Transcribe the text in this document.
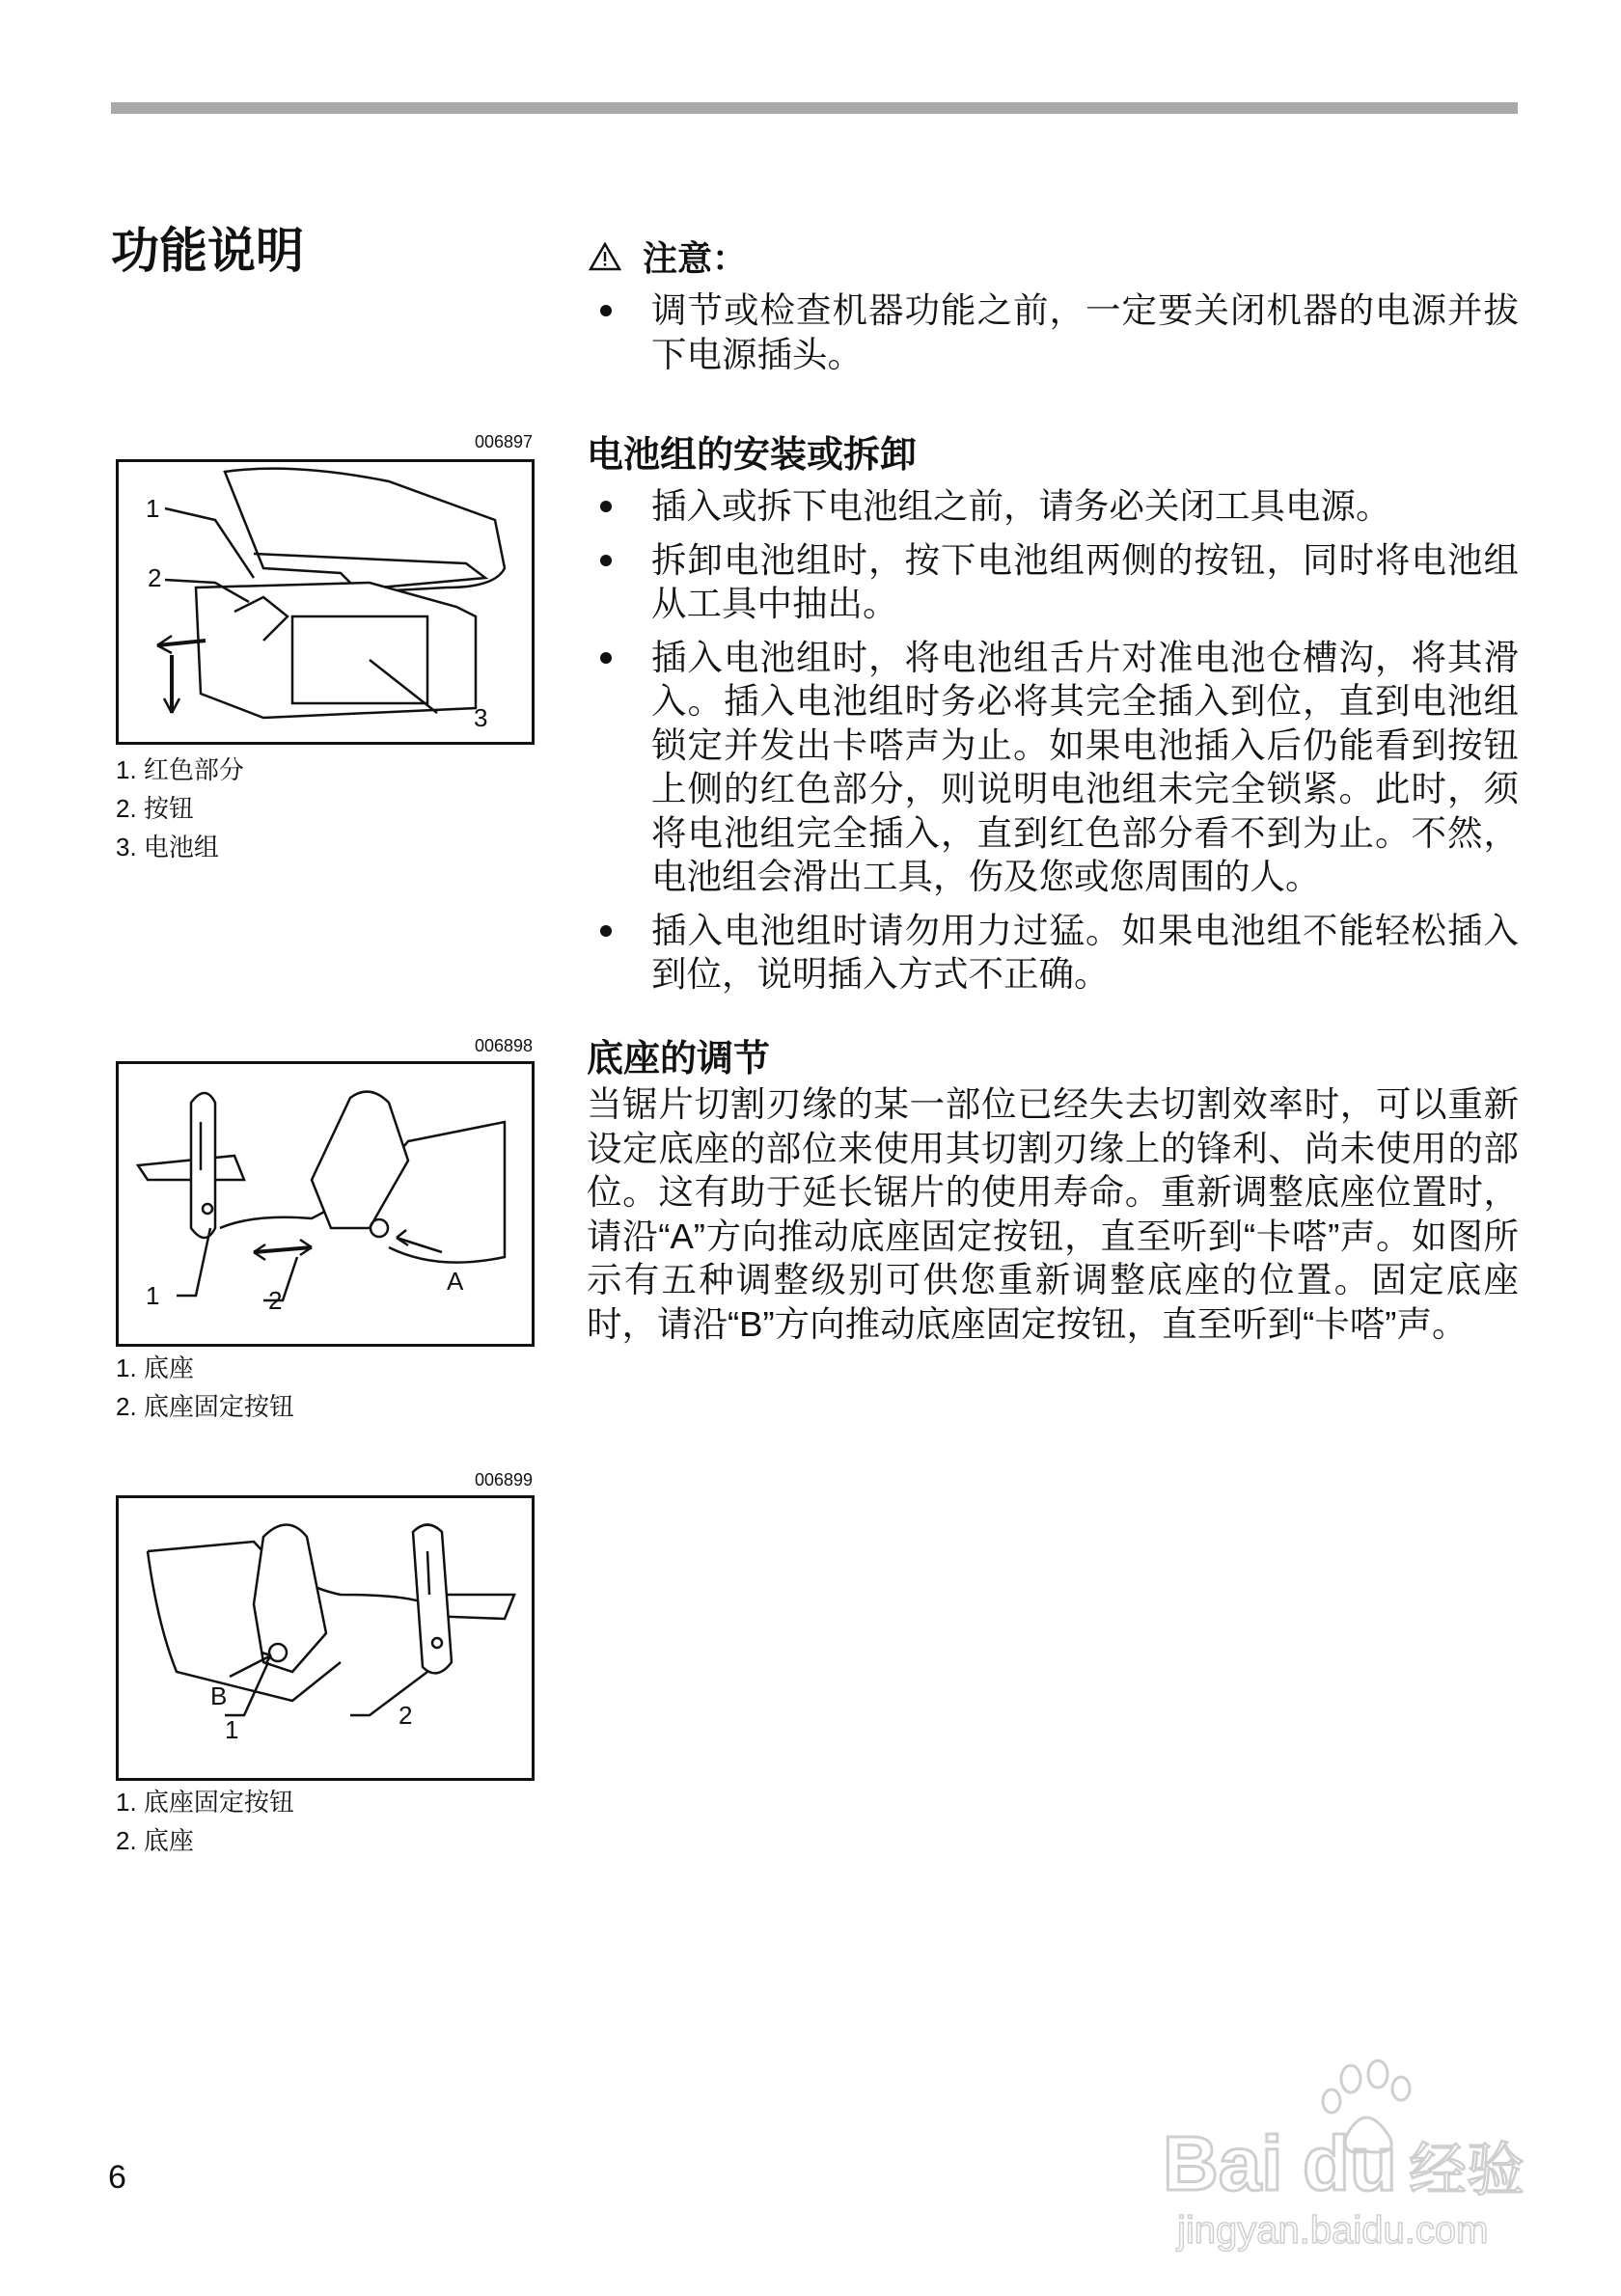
功能说明	注意：
调节或检查机器功能之前，一定要关闭机器的电源并拔下电源插头。
电池组的安装或拆卸
插入或拆下电池组之前，请务必关闭工具电源。
拆卸电池组时，按下电池组两侧的按钮，同时将电池组从工具中抽出。
插入电池组时，将电池组舌片对准电池仓槽沟，将其滑入。插入电池组时务必将其完全插入到位，直到电池组锁定并发出卡嗒声为止。如果电池插入后仍能看到按钮上侧的红色部分，则说明电池组未完全锁紧。此时，须将电池组完全插入，直到红色部分看不到为止。不然，电池组会滑出工具，伤及您或您周围的人。
插入电池组时请勿用力过猛。如果电池组不能轻松插入到位，说明插入方式不正确。
底座的调节
当锯片切割刃缘的某一部位已经失去切割效率时，可以重新设定底座的部位来使用其切割刃缘上的锋利、尚未使用的部位。这有助于延长锯片的使用寿命。重新调整底座位置时，请沿“A”方向推动底座固定按钮，直至听到“卡嗒”声。如图所示有五种调整级别可供您重新调整底座的位置。固定底座时，请沿“B”方向推动底座固定按钮，直至听到“卡嗒”声。
006897
1
2
3
1. 红色部分
2. 按钮
3. 电池组
006898
1	2
A
1. 底座
2. 底座固定按钮
006899
B
1	2
1. 底座固定按钮
2. 底座
6	Bai du 经验
jingyan.baidu.com
